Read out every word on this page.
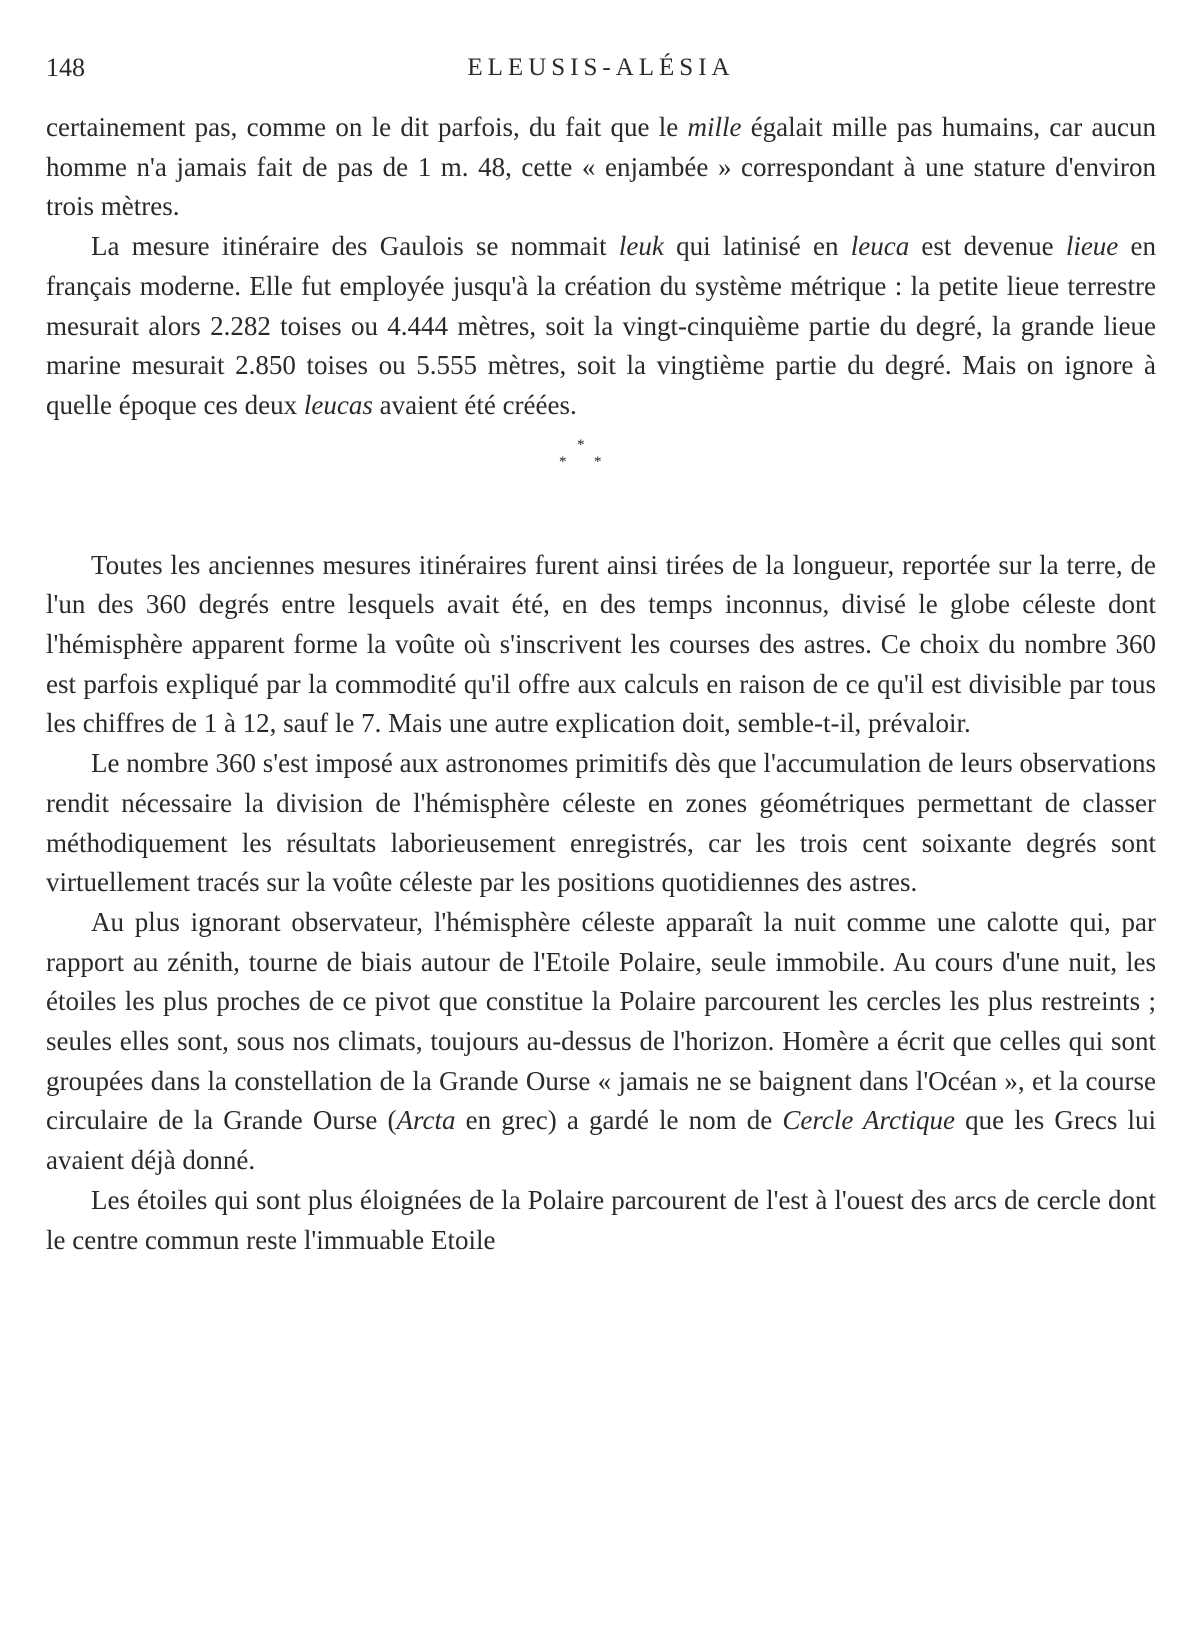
148	ELEUSIS-ALÉSIA

certainement pas, comme on le dit parfois, du fait que le mille égalait mille pas humains, car aucun homme n'a jamais fait de pas de 1 m. 48, cette « enjambée » correspondant à une stature d'environ trois mètres.

La mesure itinéraire des Gaulois se nommait leuk qui latinisé en leuca est devenue lieue en français moderne. Elle fut employée jusqu'à la création du système métrique : la petite lieue terrestre mesurait alors 2.282 toises ou 4.444 mètres, soit la vingt-cinquième partie du degré, la grande lieue marine mesurait 2.850 toises ou 5.555 mètres, soit la vingtième partie du degré. Mais on ignore à quelle époque ces deux leucas avaient été créées.

*
* *

Toutes les anciennes mesures itinéraires furent ainsi tirées de la longueur, reportée sur la terre, de l'un des 360 degrés entre lesquels avait été, en des temps inconnus, divisé le globe céleste dont l'hémisphère apparent forme la voûte où s'inscrivent les courses des astres. Ce choix du nombre 360 est parfois expliqué par la commodité qu'il offre aux calculs en raison de ce qu'il est divisible par tous les chiffres de 1 à 12, sauf le 7. Mais une autre explication doit, semble-t-il, prévaloir.

Le nombre 360 s'est imposé aux astronomes primitifs dès que l'accumulation de leurs observations rendit nécessaire la division de l'hémisphère céleste en zones géométriques permettant de classer méthodiquement les résultats laborieusement enregistrés, car les trois cent soixante degrés sont virtuellement tracés sur la voûte céleste par les positions quotidiennes des astres.

Au plus ignorant observateur, l'hémisphère céleste apparaît la nuit comme une calotte qui, par rapport au zénith, tourne de biais autour de l'Etoile Polaire, seule immobile. Au cours d'une nuit, les étoiles les plus proches de ce pivot que constitue la Polaire parcourent les cercles les plus restreints ; seules elles sont, sous nos climats, toujours au-dessus de l'horizon. Homère a écrit que celles qui sont groupées dans la constellation de la Grande Ourse « jamais ne se baignent dans l'Océan », et la course circulaire de la Grande Ourse (Arcta en grec) a gardé le nom de Cercle Arctique que les Grecs lui avaient déjà donné.

Les étoiles qui sont plus éloignées de la Polaire parcourent de l'est à l'ouest des arcs de cercle dont le centre commun reste l'immuable Etoile
